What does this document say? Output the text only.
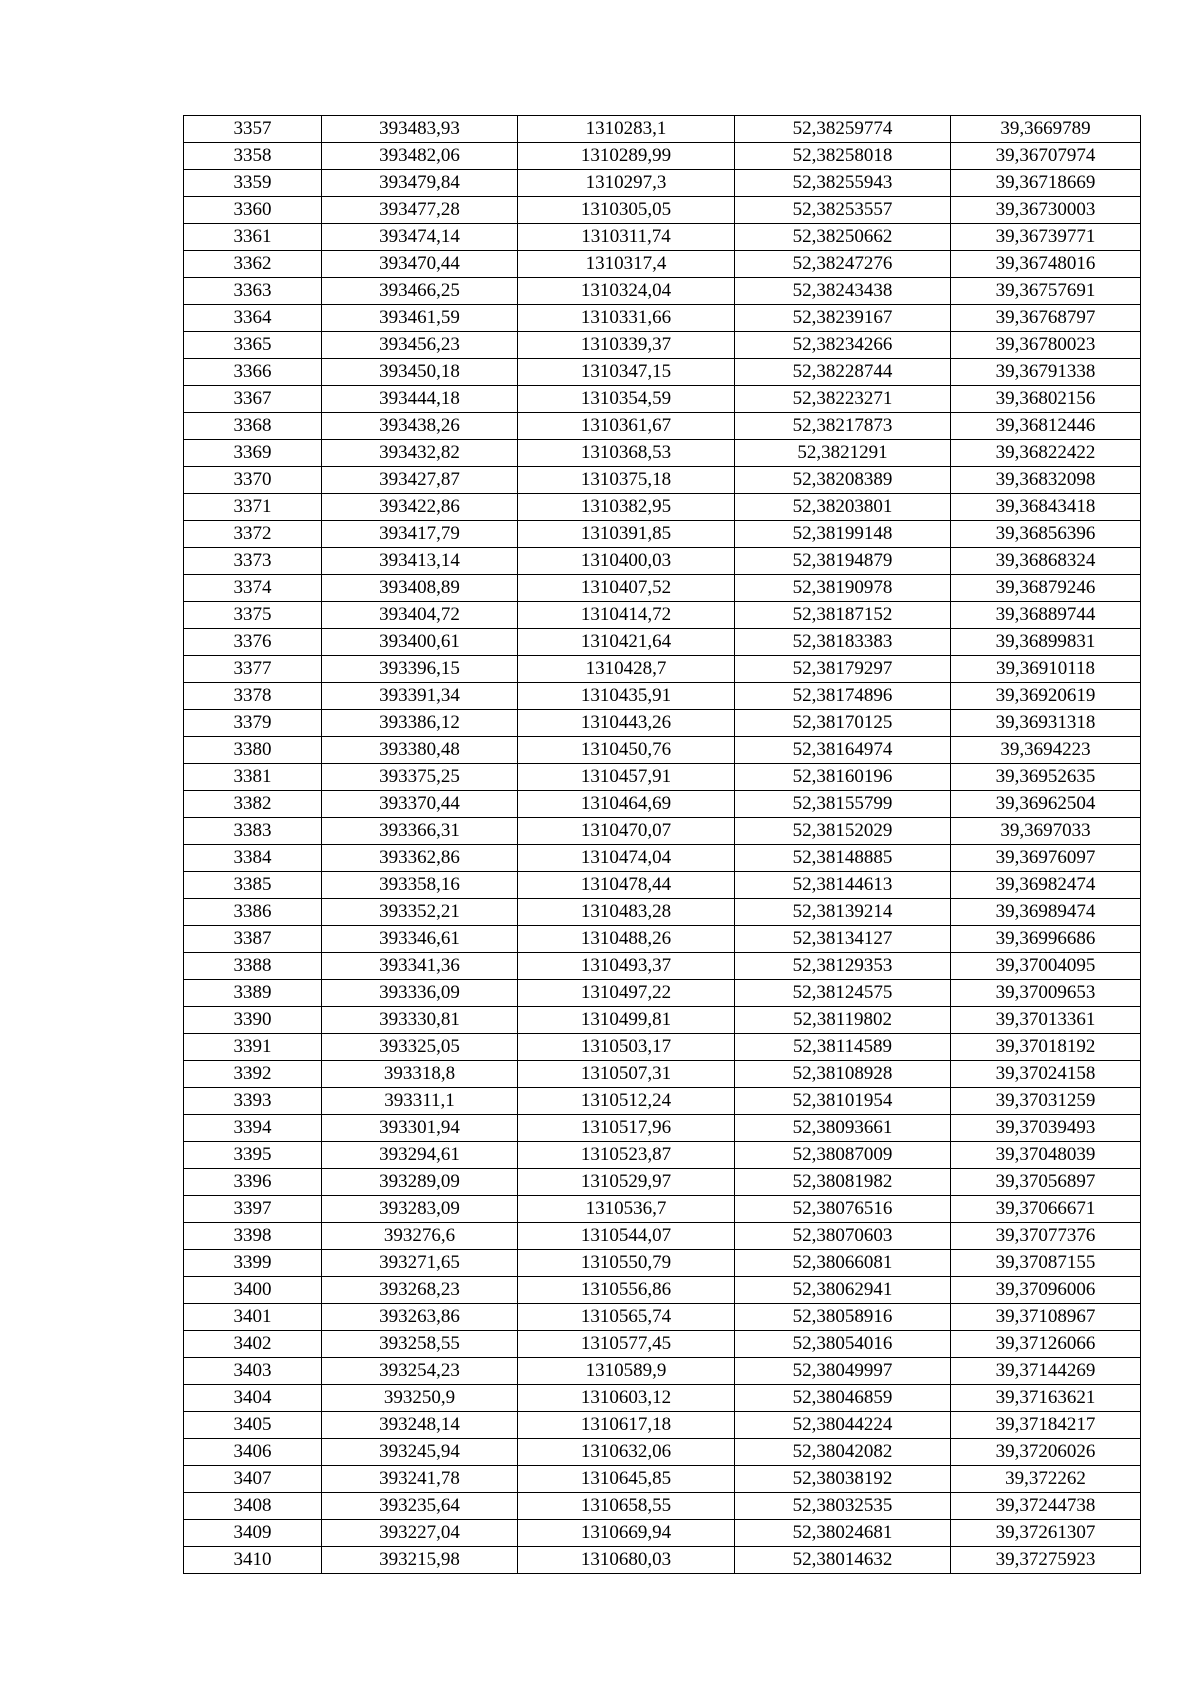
3357	393483,93	1310283,1	52,38259774	39,3669789
3358	393482,06	1310289,99	52,38258018	39,36707974
3359	393479,84	1310297,3	52,38255943	39,36718669
3360	393477,28	1310305,05	52,38253557	39,36730003
3361	393474,14	1310311,74	52,38250662	39,36739771
3362	393470,44	1310317,4	52,38247276	39,36748016
3363	393466,25	1310324,04	52,38243438	39,36757691
3364	393461,59	1310331,66	52,38239167	39,36768797
3365	393456,23	1310339,37	52,38234266	39,36780023
3366	393450,18	1310347,15	52,38228744	39,36791338
3367	393444,18	1310354,59	52,38223271	39,36802156
3368	393438,26	1310361,67	52,38217873	39,36812446
3369	393432,82	1310368,53	52,3821291	39,36822422
3370	393427,87	1310375,18	52,38208389	39,36832098
3371	393422,86	1310382,95	52,38203801	39,36843418
3372	393417,79	1310391,85	52,38199148	39,36856396
3373	393413,14	1310400,03	52,38194879	39,36868324
3374	393408,89	1310407,52	52,38190978	39,36879246
3375	393404,72	1310414,72	52,38187152	39,36889744
3376	393400,61	1310421,64	52,38183383	39,36899831
3377	393396,15	1310428,7	52,38179297	39,36910118
3378	393391,34	1310435,91	52,38174896	39,36920619
3379	393386,12	1310443,26	52,38170125	39,36931318
3380	393380,48	1310450,76	52,38164974	39,3694223
3381	393375,25	1310457,91	52,38160196	39,36952635
3382	393370,44	1310464,69	52,38155799	39,36962504
3383	393366,31	1310470,07	52,38152029	39,3697033
3384	393362,86	1310474,04	52,38148885	39,36976097
3385	393358,16	1310478,44	52,38144613	39,36982474
3386	393352,21	1310483,28	52,38139214	39,36989474
3387	393346,61	1310488,26	52,38134127	39,36996686
3388	393341,36	1310493,37	52,38129353	39,37004095
3389	393336,09	1310497,22	52,38124575	39,37009653
3390	393330,81	1310499,81	52,38119802	39,37013361
3391	393325,05	1310503,17	52,38114589	39,37018192
3392	393318,8	1310507,31	52,38108928	39,37024158
3393	393311,1	1310512,24	52,38101954	39,37031259
3394	393301,94	1310517,96	52,38093661	39,37039493
3395	393294,61	1310523,87	52,38087009	39,37048039
3396	393289,09	1310529,97	52,38081982	39,37056897
3397	393283,09	1310536,7	52,38076516	39,37066671
3398	393276,6	1310544,07	52,38070603	39,37077376
3399	393271,65	1310550,79	52,38066081	39,37087155
3400	393268,23	1310556,86	52,38062941	39,37096006
3401	393263,86	1310565,74	52,38058916	39,37108967
3402	393258,55	1310577,45	52,38054016	39,37126066
3403	393254,23	1310589,9	52,38049997	39,37144269
3404	393250,9	1310603,12	52,38046859	39,37163621
3405	393248,14	1310617,18	52,38044224	39,37184217
3406	393245,94	1310632,06	52,38042082	39,37206026
3407	393241,78	1310645,85	52,38038192	39,372262
3408	393235,64	1310658,55	52,38032535	39,37244738
3409	393227,04	1310669,94	52,38024681	39,37261307
3410	393215,98	1310680,03	52,38014632	39,37275923
